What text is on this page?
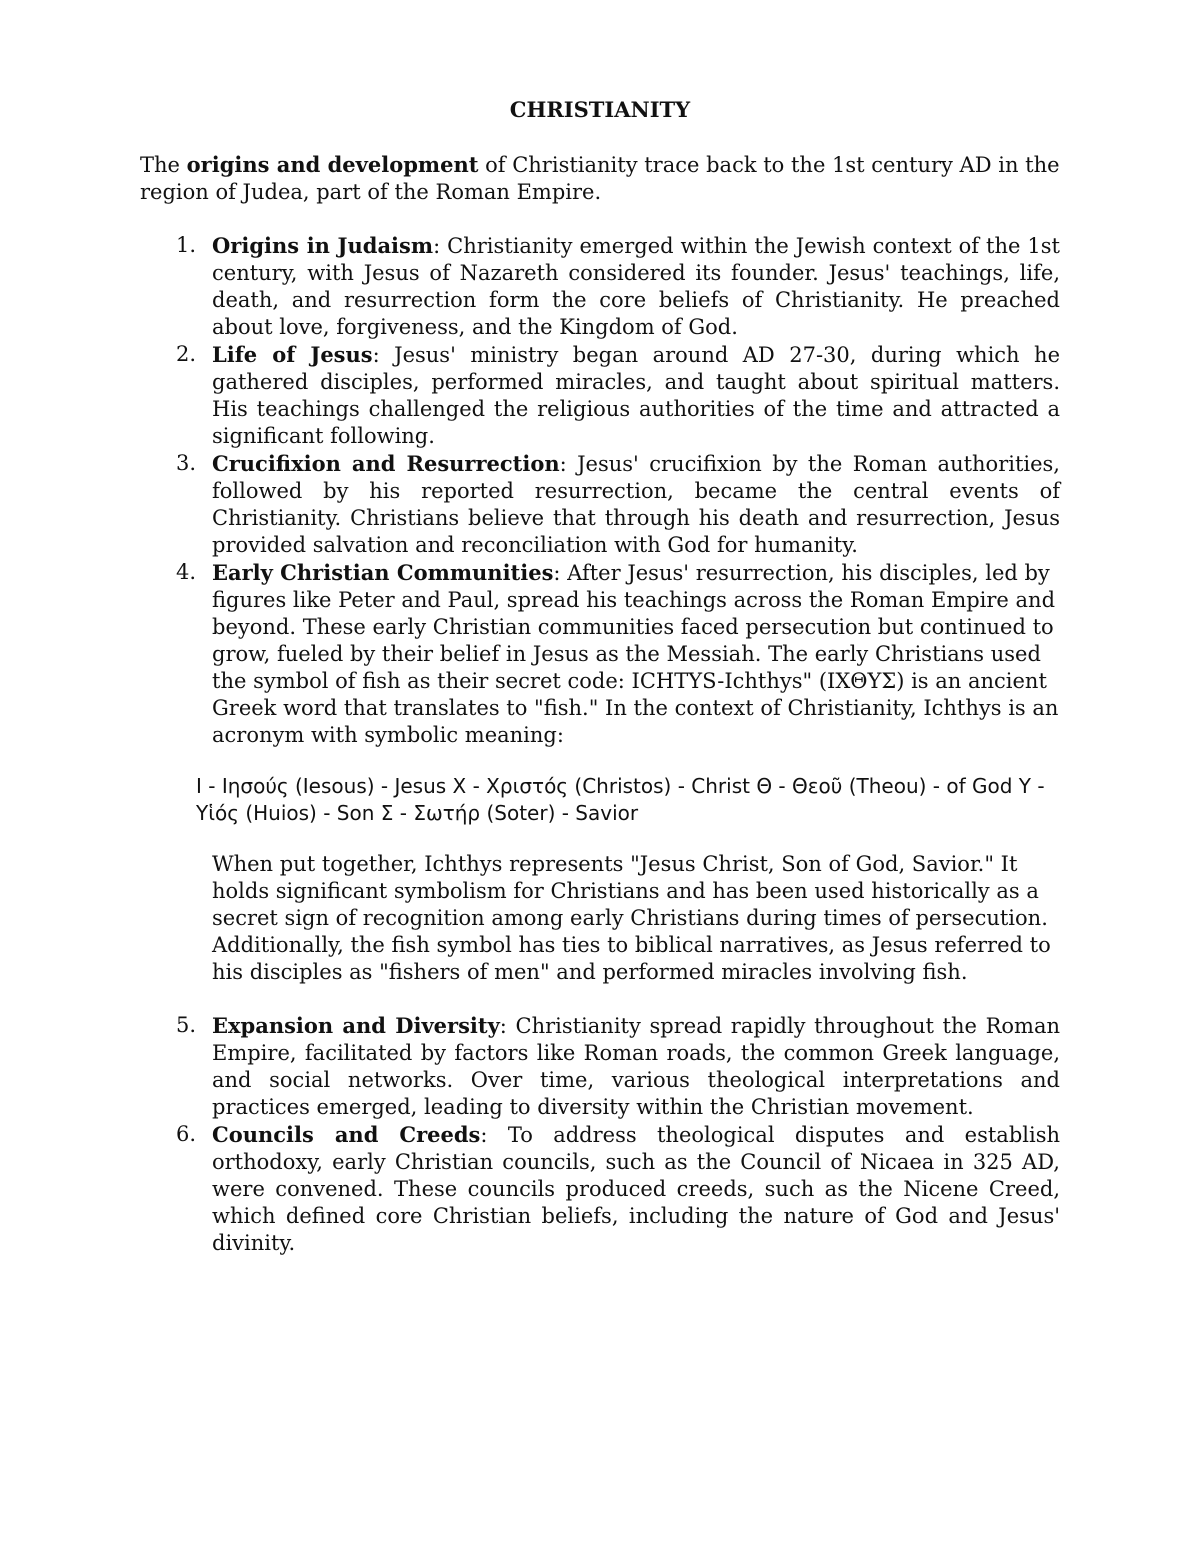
CHRISTIANITY

The origins and development of Christianity trace back to the 1st century AD in the region of Judea, part of the Roman Empire.

1. Origins in Judaism: Christianity emerged within the Jewish context of the 1st century, with Jesus of Nazareth considered its founder. Jesus' teachings, life, death, and resurrection form the core beliefs of Christianity. He preached about love, forgiveness, and the Kingdom of God.
2. Life of Jesus: Jesus' ministry began around AD 27-30, during which he gathered disciples, performed miracles, and taught about spiritual matters. His teachings challenged the religious authorities of the time and attracted a significant following.
3. Crucifixion and Resurrection: Jesus' crucifixion by the Roman authorities, followed by his reported resurrection, became the central events of Christianity. Christians believe that through his death and resurrection, Jesus provided salvation and reconciliation with God for humanity.
4. Early Christian Communities: After Jesus' resurrection, his disciples, led by figures like Peter and Paul, spread his teachings across the Roman Empire and beyond. These early Christian communities faced persecution but continued to grow, fueled by their belief in Jesus as the Messiah. The early Christians used the symbol of fish as their secret code: ICHTYS-Ichthys" (ΙΧΘΥΣ) is an ancient Greek word that translates to "fish." In the context of Christianity, Ichthys is an acronym with symbolic meaning:

Ι - Ιησούς (Iesous) - Jesus Χ - Χριστός (Christos) - Christ Θ - Θεοῦ (Theou) - of God Υ - Υἱός (Huios) - Son Σ - Σωτήρ (Soter) - Savior

When put together, Ichthys represents "Jesus Christ, Son of God, Savior." It holds significant symbolism for Christians and has been used historically as a secret sign of recognition among early Christians during times of persecution. Additionally, the fish symbol has ties to biblical narratives, as Jesus referred to his disciples as "fishers of men" and performed miracles involving fish.

5. Expansion and Diversity: Christianity spread rapidly throughout the Roman Empire, facilitated by factors like Roman roads, the common Greek language, and social networks. Over time, various theological interpretations and practices emerged, leading to diversity within the Christian movement.
6. Councils and Creeds: To address theological disputes and establish orthodoxy, early Christian councils, such as the Council of Nicaea in 325 AD, were convened. These councils produced creeds, such as the Nicene Creed, which defined core Christian beliefs, including the nature of God and Jesus' divinity.
